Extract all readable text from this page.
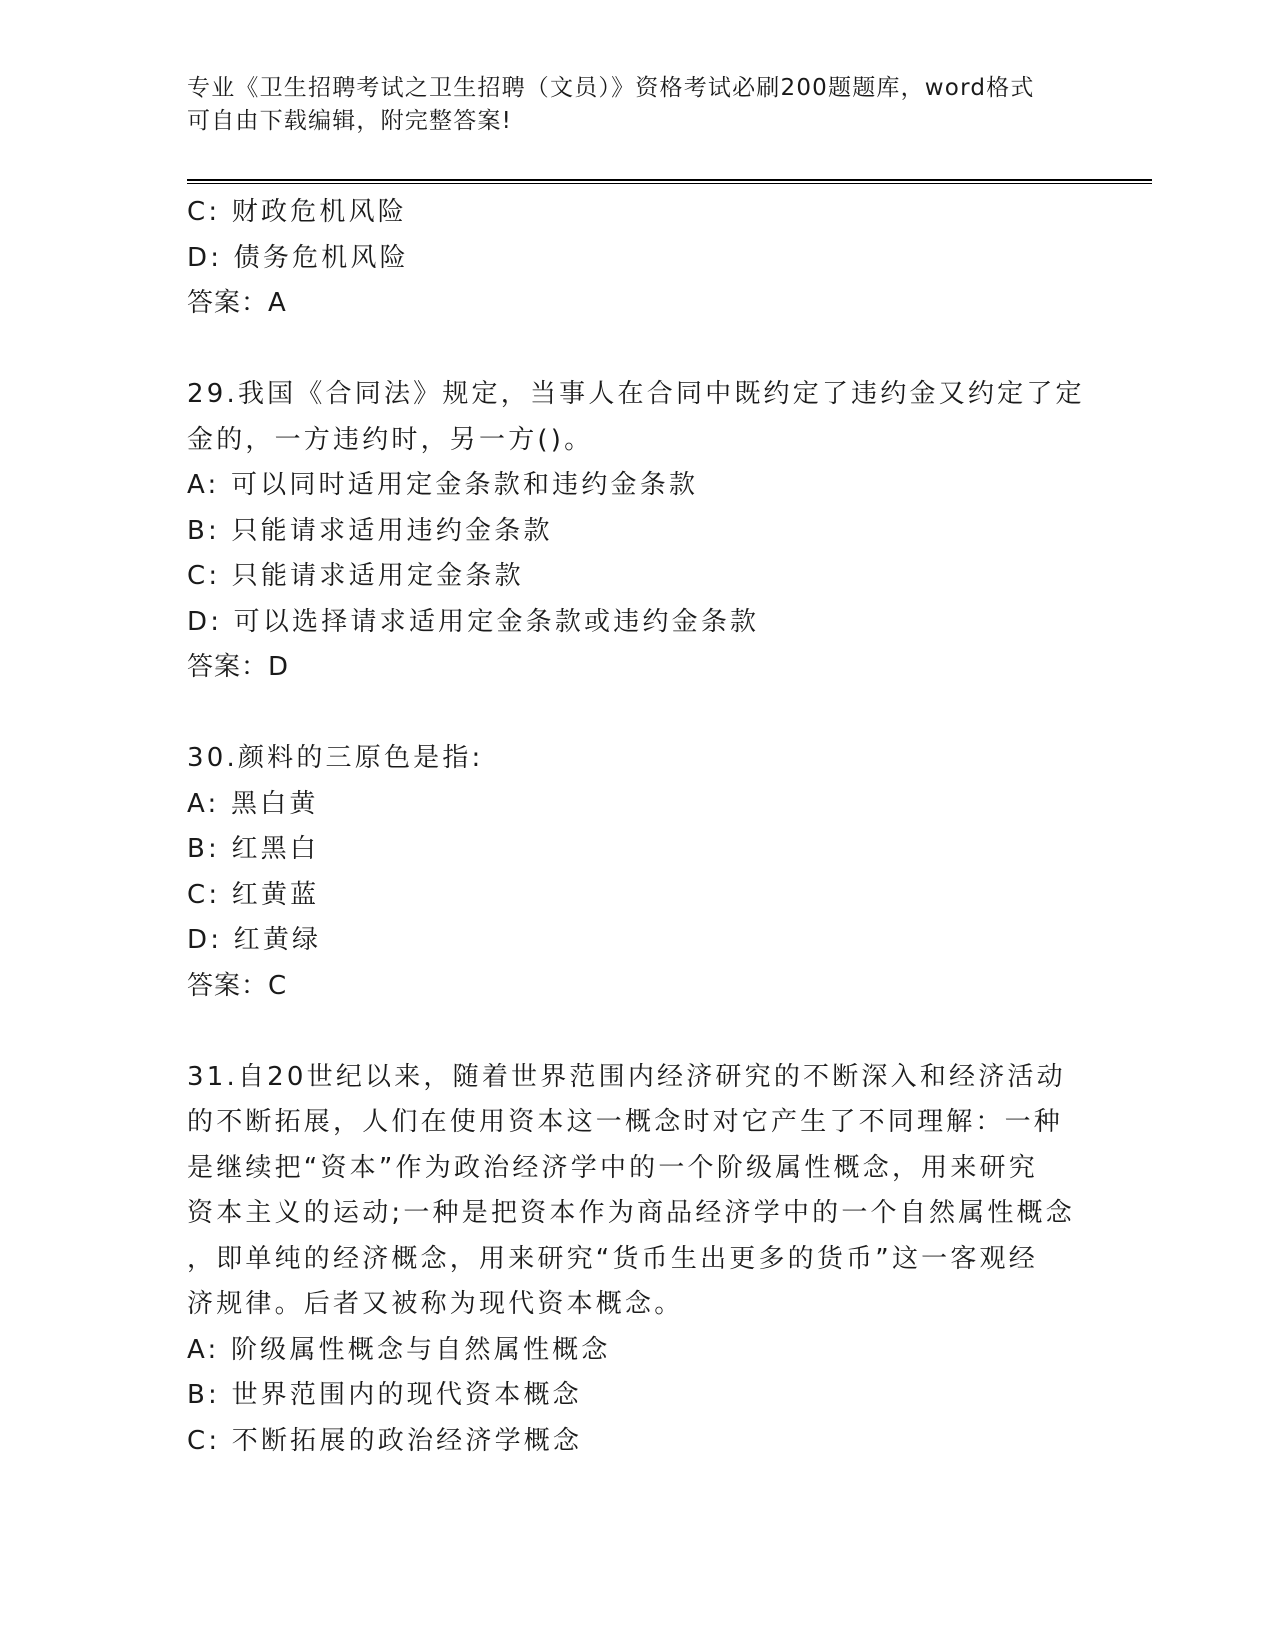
专业《卫生招聘考试之卫生招聘（文员）》资格考试必刷200题题库，word格式
可自由下载编辑，附完整答案!
C: 财政危机风险
D: 债务危机风险
答案：A
29.我国《合同法》规定，当事人在合同中既约定了违约金又约定了定
金的，一方违约时，另一方()。
A: 可以同时适用定金条款和违约金条款
B: 只能请求适用违约金条款
C: 只能请求适用定金条款
D: 可以选择请求适用定金条款或违约金条款
答案：D
30.颜料的三原色是指:
A: 黑白黄
B: 红黑白
C: 红黄蓝
D: 红黄绿
答案：C
31.自20世纪以来，随着世界范围内经济研究的不断深入和经济活动
的不断拓展，人们在使用资本这一概念时对它产生了不同理解：一种
是继续把“资本”作为政治经济学中的一个阶级属性概念，用来研究
资本主义的运动;一种是把资本作为商品经济学中的一个自然属性概念
，即单纯的经济概念，用来研究“货币生出更多的货币”这一客观经
济规律。后者又被称为现代资本概念。
A: 阶级属性概念与自然属性概念
B: 世界范围内的现代资本概念
C: 不断拓展的政治经济学概念
